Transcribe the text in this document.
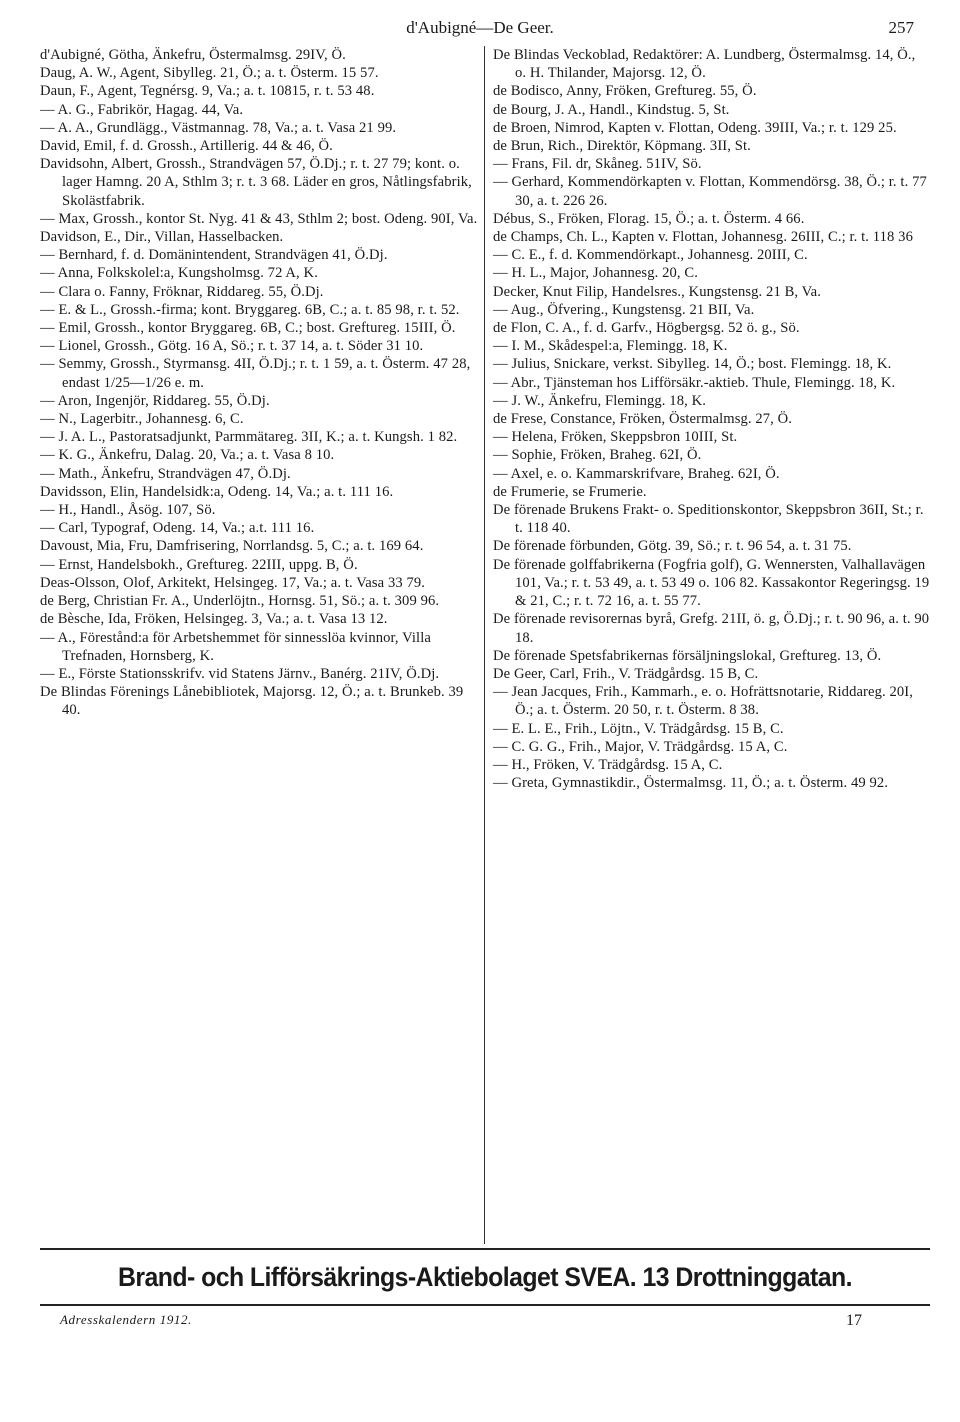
d'Aubigné—De Geer.	257

d'Aubigné, Götha, Änkefru, Östermalmsg. 29IV, Ö.

Daug, A. W., Agent, Sibylleg. 21, Ö.; a. t. Österm. 15 57.

Daun, F., Agent, Tegnérsg. 9, Va.; a. t. 10815, r. t. 53 48.

— A. G., Fabrikör, Hagag. 44, Va.

— A. A., Grundlägg., Västmannag. 78, Va.; a. t. Vasa 21 99.

David, Emil, f. d. Grossh., Artillerig. 44 & 46, Ö.

Davidsohn, Albert, Grossh., Strandvägen 57, Ö.Dj.; r. t. 27 79; kont. o. lager Hamng. 20 A, Sthlm 3; r. t. 3 68. Läder en gros, Nåtlingsfabrik, Skolästfabrik.

— Max, Grossh., kontor St. Nyg. 41 & 43, Sthlm 2; bost. Odeng. 90I, Va.

Davidson, E., Dir., Villan, Hasselbacken.

— Bernhard, f. d. Domänintendent, Strandvägen 41, Ö.Dj.

— Anna, Folkskolel:a, Kungsholmsg. 72 A, K.

— Clara o. Fanny, Fröknar, Riddareg. 55, Ö.Dj.

— E. & L., Grossh.-firma; kont. Bryggareg. 6B, C.; a. t. 85 98, r. t. 52.

— Emil, Grossh., kontor Bryggareg. 6B, C.; bost. Greftureg. 15III, Ö.

— Lionel, Grossh., Götg. 16 A, Sö.; r. t. 37 14, a. t. Söder 31 10.

— Semmy, Grossh., Styrmansg. 4II, Ö.Dj.; r. t. 1 59, a. t. Österm. 47 28, endast 1/25—1/26 e. m.

— Aron, Ingenjör, Riddareg. 55, Ö.Dj.

— N., Lagerbitr., Johannesg. 6, C.

— J. A. L., Pastoratsadjunkt, Parmmätareg. 3II, K.; a. t. Kungsh. 1 82.

— K. G., Änkefru, Dalag. 20, Va.; a. t. Vasa 8 10.

— Math., Änkefru, Strandvägen 47, Ö.Dj.

Davidsson, Elin, Handelsidk:a, Odeng. 14, Va.; a. t. 111 16.

— H., Handl., Åsög. 107, Sö.

— Carl, Typograf, Odeng. 14, Va.; a.t. 111 16.

Davoust, Mia, Fru, Damfrisering, Norrlandsg. 5, C.; a. t. 169 64.

— Ernst, Handelsbokh., Greftureg. 22III, uppg. B, Ö.

Deas-Olsson, Olof, Arkitekt, Helsingeg. 17, Va.; a. t. Vasa 33 79.

de Berg, Christian Fr. A., Underlöjtn., Hornsg. 51, Sö.; a. t. 309 96.

de Bèsche, Ida, Fröken, Helsingeg. 3, Va.; a. t. Vasa 13 12.

— A., Förestånd:a för Arbetshemmet för sinnesslöa kvinnor, Villa Trefnaden, Hornsberg, K.

— E., Förste Stationsskrifv. vid Statens Järnv., Banérg. 21IV, Ö.Dj.

De Blindas Förenings Lånebibliotek, Majorsg. 12, Ö.; a. t. Brunkeb. 39 40.

De Blindas Veckoblad, Redaktörer: A. Lundberg, Östermalmsg. 14, Ö., o. H. Thilander, Majorsg. 12, Ö.

de Bodisco, Anny, Fröken, Greftureg. 55, Ö.

de Bourg, J. A., Handl., Kindstug. 5, St.

de Broen, Nimrod, Kapten v. Flottan, Odeng. 39III, Va.; r. t. 129 25.

de Brun, Rich., Direktör, Köpmang. 3II, St.

— Frans, Fil. dr, Skåneg. 51IV, Sö.

— Gerhard, Kommendörkapten v. Flottan, Kommendörsg. 38, Ö.; r. t. 77 30, a. t. 226 26.

Débus, S., Fröken, Florag. 15, Ö.; a. t. Österm. 4 66.

de Champs, Ch. L., Kapten v. Flottan, Johannesg. 26III, C.; r. t. 118 36

— C. E., f. d. Kommendörkapt., Johannesg. 20III, C.

— H. L., Major, Johannesg. 20, C.

Decker, Knut Filip, Handelsres., Kungstensg. 21 B, Va.

— Aug., Öfvering., Kungstensg. 21 BII, Va.

de Flon, C. A., f. d. Garfv., Högbergsg. 52 ö. g., Sö.

— I. M., Skådespel:a, Flemingg. 18, K.

— Julius, Snickare, verkst. Sibylleg. 14, Ö.; bost. Flemingg. 18, K.

— Abr., Tjänsteman hos Lifförsäkr.-aktieb. Thule, Flemingg. 18, K.

— J. W., Änkefru, Flemingg. 18, K.

de Frese, Constance, Fröken, Östermalmsg. 27, Ö.

— Helena, Fröken, Skeppsbron 10III, St.

— Sophie, Fröken, Braheg. 62I, Ö.

— Axel, e. o. Kammarskrifvare, Braheg. 62I, Ö.

de Frumerie, se Frumerie.

De förenade Brukens Frakt- o. Speditionskontor, Skeppsbron 36II, St.; r. t. 118 40.

De förenade förbunden, Götg. 39, Sö.; r. t. 96 54, a. t. 31 75.

De förenade golffabrikerna (Fogfria golf), G. Wennersten, Valhallavägen 101, Va.; r. t. 53 49, a. t. 53 49 o. 106 82. Kassakontor Regeringsg. 19 & 21, C.; r. t. 72 16, a. t. 55 77.

De förenade revisorernas byrå, Grefg. 21II, ö. g, Ö.Dj.; r. t. 90 96, a. t. 90 18.

De förenade Spetsfabrikernas försäljningslokal, Greftureg. 13, Ö.

De Geer, Carl, Frih., V. Trädgårdsg. 15 B, C.

— Jean Jacques, Frih., Kammarh., e. o. Hofrättsnotarie, Riddareg. 20I, Ö.; a. t. Österm. 20 50, r. t. Österm. 8 38.

— E. L. E., Frih., Löjtn., V. Trädgårdsg. 15 B, C.

— C. G. G., Frih., Major, V. Trädgårdsg. 15 A, C.

— H., Fröken, V. Trädgårdsg. 15 A, C.

— Greta, Gymnastikdir., Östermalmsg. 11, Ö.; a. t. Österm. 49 92.

Brand- och Lifförsäkrings-Aktiebolaget SVEA. 13 Drottninggatan.
Adresskalendern 1912.	17
